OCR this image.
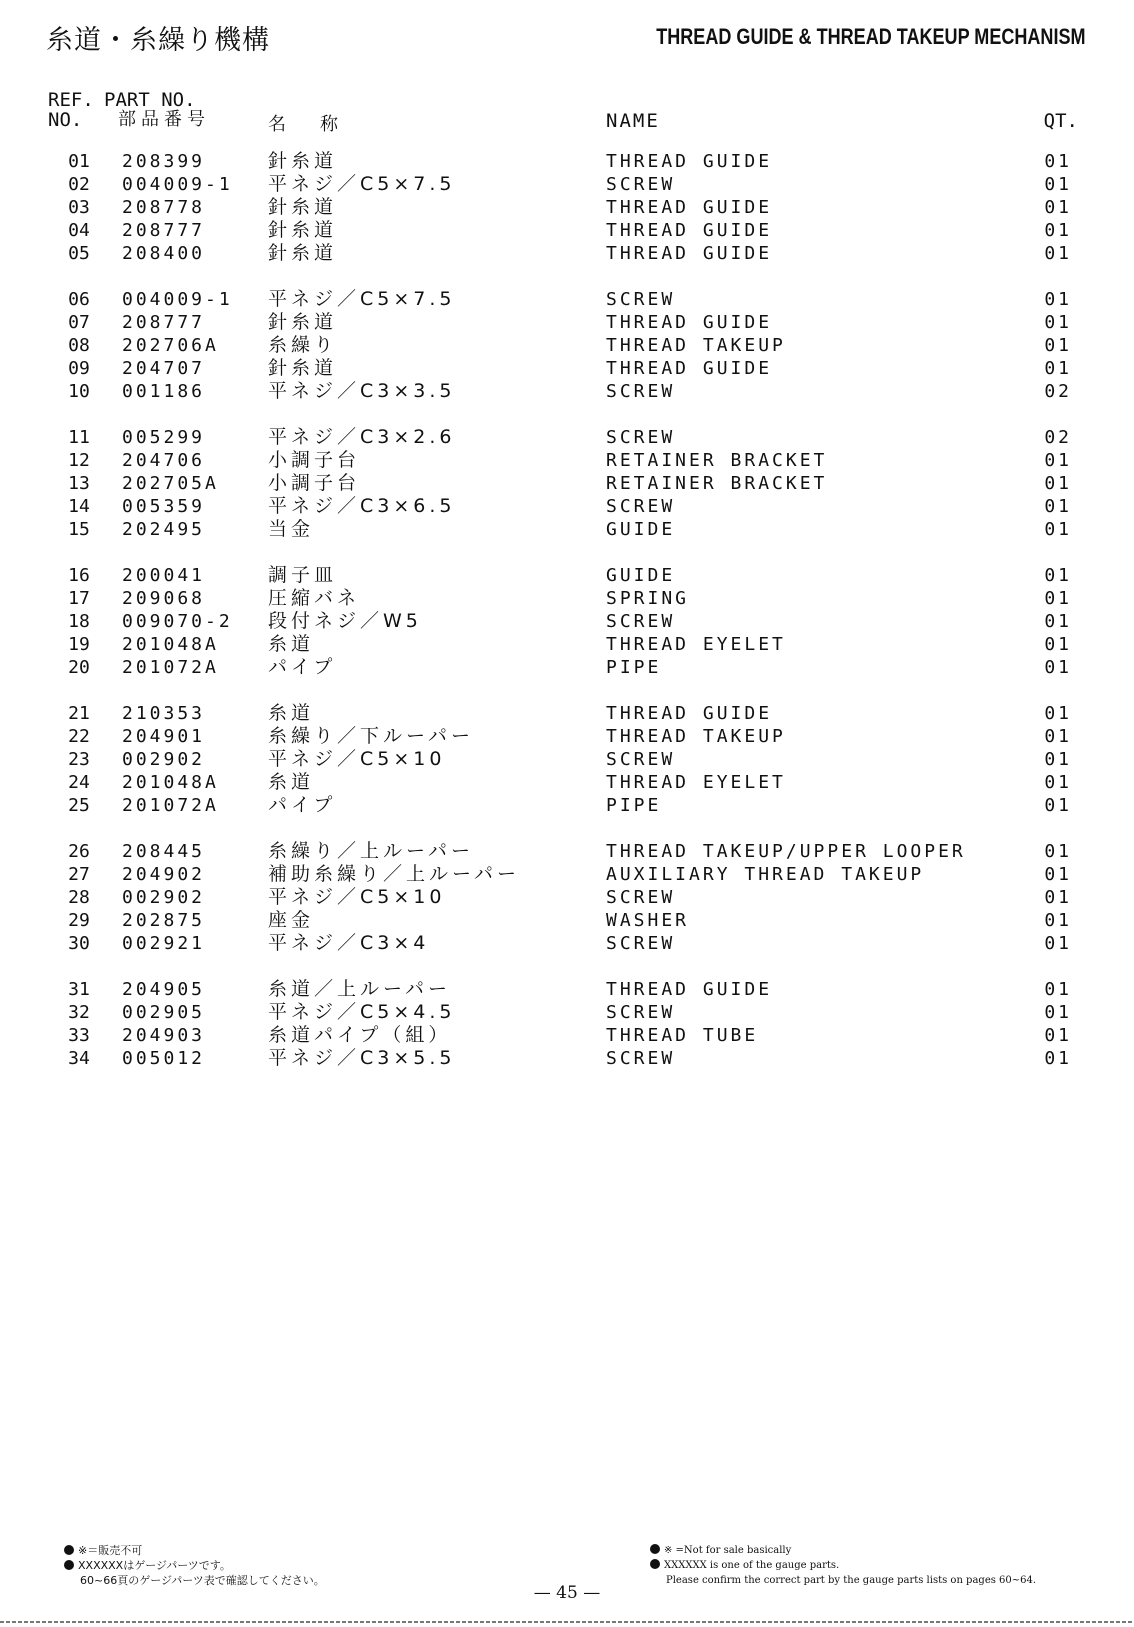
糸道・糸繰り機構	THREAD GUIDE & THREAD TAKEUP MECHANISM
REF.
NO.
PART NO.
部品番号	名　称	NAME	QT.
01	208399	針糸道	THREAD GUIDE	01
02	004009-1 平ネジ／C5×7.5	SCREW	01
03	208778	針糸道	THREAD GUIDE	01
04	208777	針糸道	THREAD GUIDE	01
05	208400	針糸道	THREAD GUIDE	01
06	004009-1 平ネジ／C5×7.5	SCREW	01
07	208777	針糸道	THREAD GUIDE	01
08	202706A	糸繰り	THREAD TAKEUP	01
09	204707	針糸道	THREAD GUIDE	01
10	001186	平ネジ／C3×3.5	SCREW	02
11	005299	平ネジ／C3×2.6	SCREW	02
12	204706	小調子台	RETAINER BRACKET	01
13	202705A	小調子台	RETAINER BRACKET	01
14	005359	平ネジ／C3×6.5	SCREW	01
15	202495	当金	GUIDE	01
16	200041	調子皿	GUIDE	01
17	209068	圧縮バネ	SPRING	01
18	009070-2 段付ネジ／W5	SCREW	01
19	201048A	糸道	THREAD EYELET	01
20	201072A	パイプ	PIPE	01
21	210353	糸道	THREAD GUIDE	01
22	204901	糸繰り／下ルーパー	THREAD TAKEUP	01
23	002902	平ネジ／C5×10	SCREW	01
24	201048A	糸道	THREAD EYELET	01
25	201072A	パイプ	PIPE	01
26	208445	糸繰り／上ルーパー	THREAD TAKEUP/UPPER LOOPER	01
27	204902	補助糸繰り／上ルーパー	AUXILIARY THREAD TAKEUP	01
28	002902	平ネジ／C5×10	SCREW	01
29	202875	座金	WASHER	01
30	002921	平ネジ／C3×4	SCREW	01
31	204905	糸道／上ルーパー	THREAD GUIDE	01
32	002905	平ネジ／C5×4.5	SCREW	01
33	204903	糸道パイプ（組）	THREAD TUBE	01
34	005012	平ネジ／C3×5.5	SCREW	01
※＝販売不可
XXXXXXはゲージパーツです。
60~66頁のゲージパーツ表で確認してください。
※ =Not for sale basically
XXXXXX is one of the gauge parts.
Please confirm the correct part by the gauge parts lists on pages 60~64.
— 45 —
